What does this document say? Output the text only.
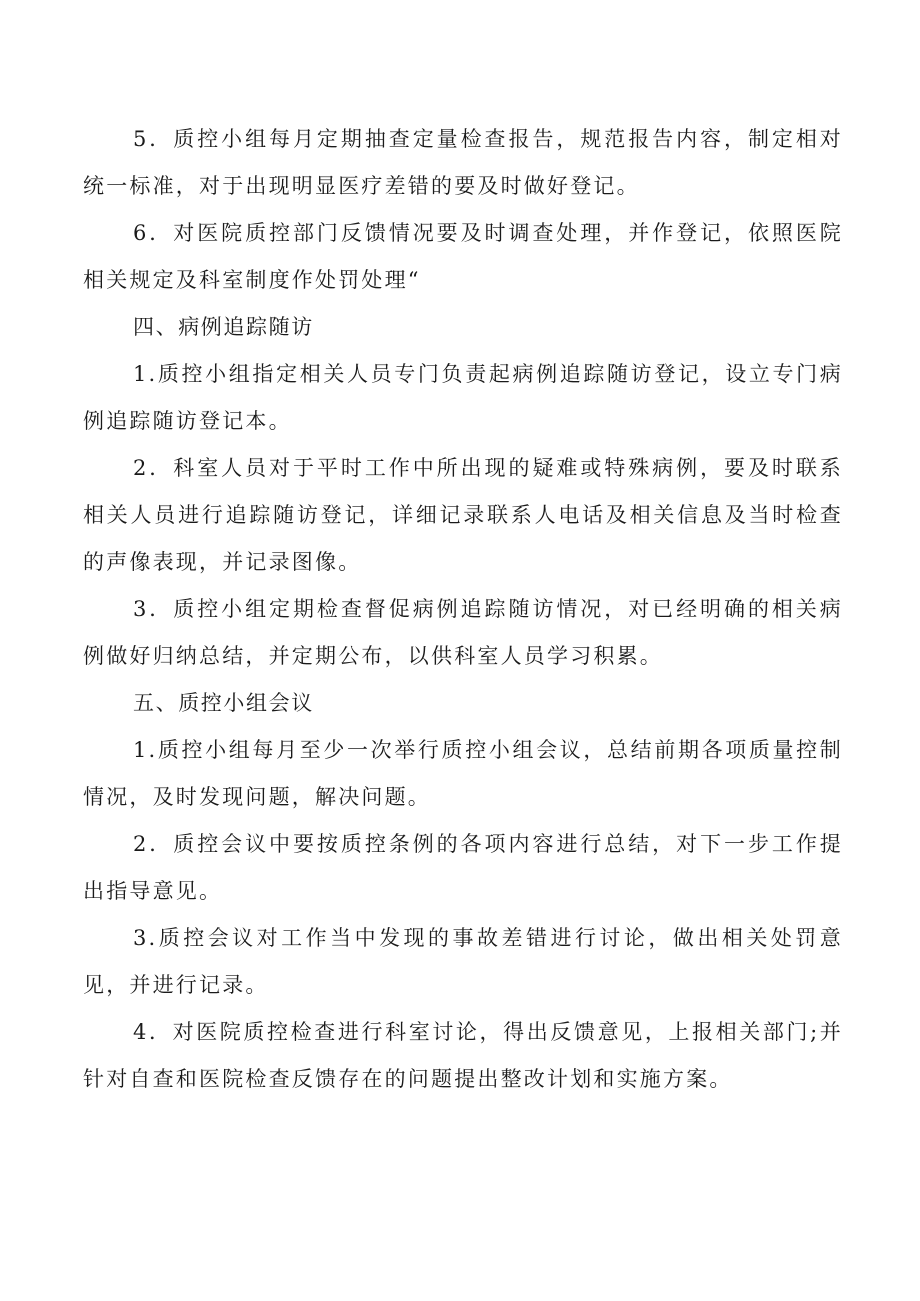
5．质控小组每月定期抽查定量检查报告，规范报告内容，制定相对统一标准，对于出现明显医疗差错的要及时做好登记。

6．对医院质控部门反馈情况要及时调查处理，并作登记，依照医院相关规定及科室制度作处罚处理“

四、病例追踪随访

1.质控小组指定相关人员专门负责起病例追踪随访登记，设立专门病例追踪随访登记本。

2．科室人员对于平时工作中所出现的疑难或特殊病例，要及时联系相关人员进行追踪随访登记，详细记录联系人电话及相关信息及当时检查的声像表现，并记录图像。

3．质控小组定期检查督促病例追踪随访情况，对已经明确的相关病例做好归纳总结，并定期公布，以供科室人员学习积累。

五、质控小组会议

1.质控小组每月至少一次举行质控小组会议，总结前期各项质量控制情况，及时发现问题，解决问题。

2．质控会议中要按质控条例的各项内容进行总结，对下一步工作提出指导意见。

3.质控会议对工作当中发现的事故差错进行讨论，做出相关处罚意见，并进行记录。

4．对医院质控检查进行科室讨论，得出反馈意见，上报相关部门;并针对自查和医院检查反馈存在的问题提出整改计划和实施方案。
